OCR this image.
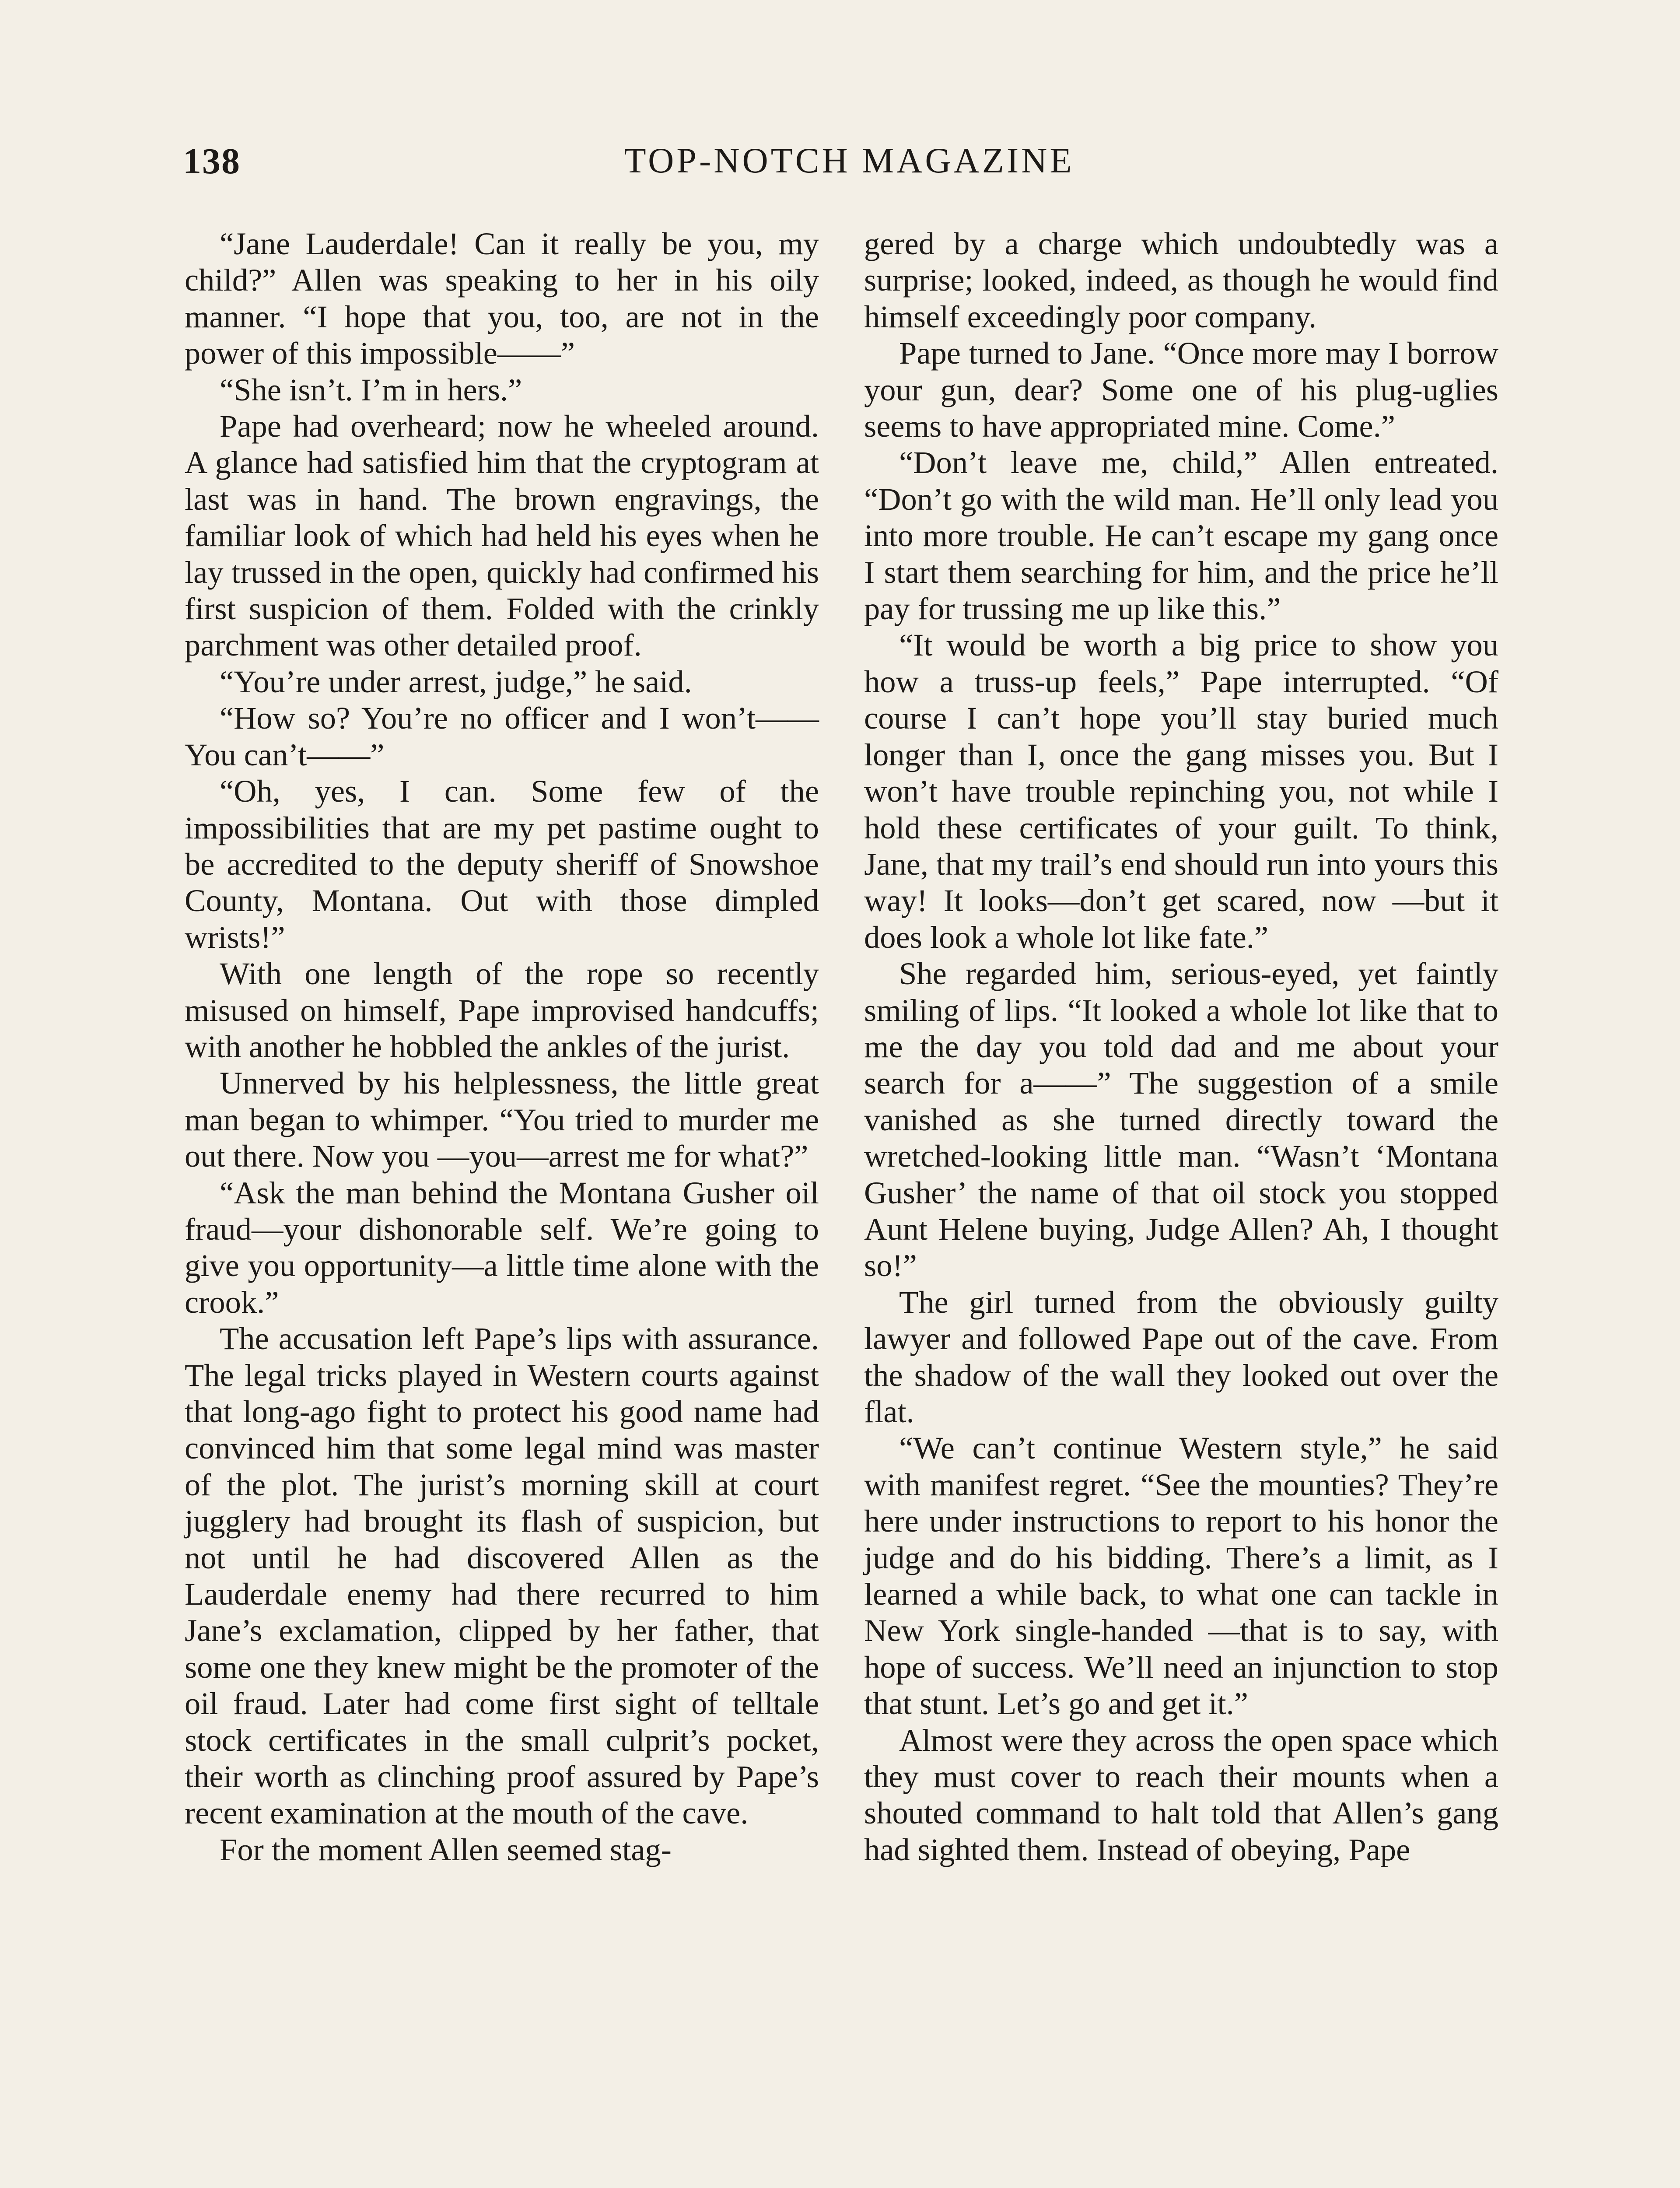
138	TOP-NOTCH MAGAZINE

“Jane Lauderdale! Can it really be you, my child?” Allen was speaking to her in his oily manner. “I hope that you, too, are not in the power of this impossible——”

“She isn’t. I’m in hers.”

Pape had overheard; now he wheeled around. A glance had satisfied him that the cryptogram at last was in hand. The brown engravings, the familiar look of which had held his eyes when he lay trussed in the open, quickly had confirmed his first suspicion of them. Folded with the crinkly parchment was other detailed proof.

“You’re under arrest, judge,” he said.

“How so? You’re no officer and I won’t—— You can’t——”

“Oh, yes, I can. Some few of the impossibilities that are my pet pastime ought to be accredited to the deputy sheriff of Snowshoe County, Montana. Out with those dimpled wrists!”

With one length of the rope so recently misused on himself, Pape improvised handcuffs; with another he hobbled the ankles of the jurist.

Unnerved by his helplessness, the little great man began to whimper. “You tried to murder me out there. Now you —you—arrest me for what?”

“Ask the man behind the Montana Gusher oil fraud—your dishonorable self. We’re going to give you opportunity—a little time alone with the crook.”

The accusation left Pape’s lips with assurance. The legal tricks played in Western courts against that long-ago fight to protect his good name had convinced him that some legal mind was master of the plot. The jurist’s morning skill at court jugglery had brought its flash of suspicion, but not until he had discovered Allen as the Lauderdale enemy had there recurred to him Jane’s exclamation, clipped by her father, that some one they knew might be the promoter of the oil fraud. Later had come first sight of telltale stock certificates in the small culprit’s pocket, their worth as clinching proof assured by Pape’s recent examination at the mouth of the cave.

For the moment Allen seemed stag-

gered by a charge which undoubtedly was a surprise; looked, indeed, as though he would find himself exceedingly poor company.

Pape turned to Jane. “Once more may I borrow your gun, dear? Some one of his plug-uglies seems to have appropriated mine. Come.”

“Don’t leave me, child,” Allen entreated. “Don’t go with the wild man. He’ll only lead you into more trouble. He can’t escape my gang once I start them searching for him, and the price he’ll pay for trussing me up like this.”

“It would be worth a big price to show you how a truss-up feels,” Pape interrupted. “Of course I can’t hope you’ll stay buried much longer than I, once the gang misses you. But I won’t have trouble repinching you, not while I hold these certificates of your guilt. To think, Jane, that my trail’s end should run into yours this way! It looks—don’t get scared, now —but it does look a whole lot like fate.”

She regarded him, serious-eyed, yet faintly smiling of lips. “It looked a whole lot like that to me the day you told dad and me about your search for a——” The suggestion of a smile vanished as she turned directly toward the wretched-looking little man. “Wasn’t ‘Montana Gusher’ the name of that oil stock you stopped Aunt Helene buying, Judge Allen? Ah, I thought so!”

The girl turned from the obviously guilty lawyer and followed Pape out of the cave. From the shadow of the wall they looked out over the flat.

“We can’t continue Western style,” he said with manifest regret. “See the mounties? They’re here under instructions to report to his honor the judge and do his bidding. There’s a limit, as I learned a while back, to what one can tackle in New York single-handed —that is to say, with hope of success. We’ll need an injunction to stop that stunt. Let’s go and get it.”

Almost were they across the open space which they must cover to reach their mounts when a shouted command to halt told that Allen’s gang had sighted them. Instead of obeying, Pape
